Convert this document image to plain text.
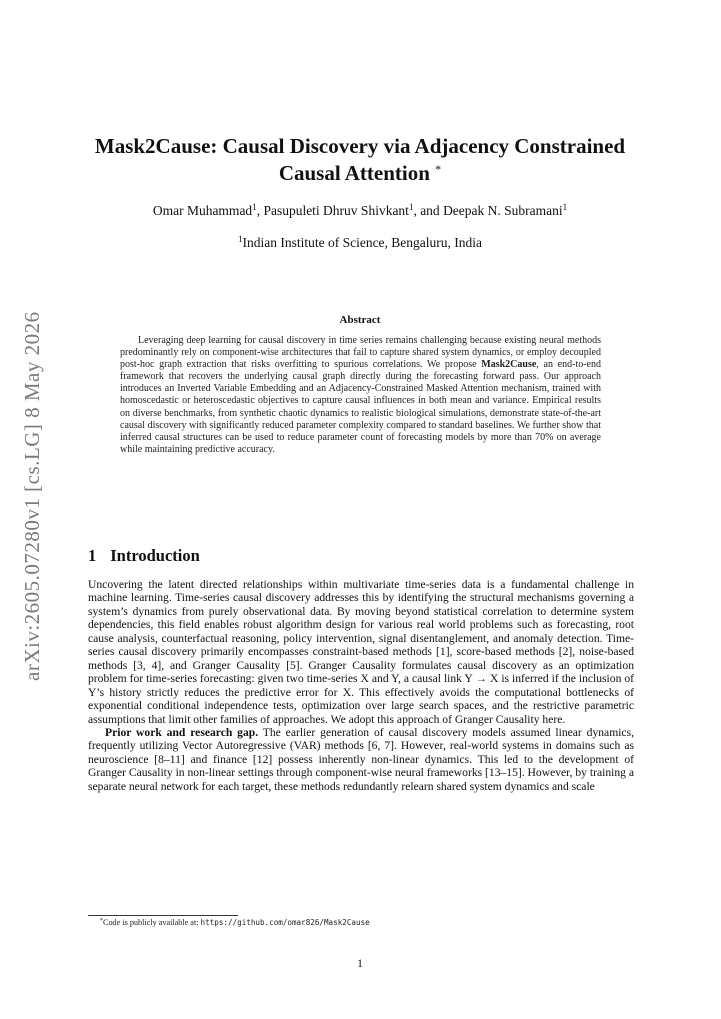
arXiv:2605.07280v1 [cs.LG] 8 May 2026
Mask2Cause: Causal Discovery via Adjacency Constrained Causal Attention *
Omar Muhammad$^1$, Pasupuleti Dhruv Shivkant$^1$, and Deepak N. Subramani$^1$
$^1$Indian Institute of Science, Bengaluru, India
Abstract

Leveraging deep learning for causal discovery in time series remains challenging because existing neural methods predominantly rely on component-wise architectures that fail to capture shared system dynamics, or employ decoupled post-hoc graph extraction that risks overfitting to spurious correlations. We propose Mask2Cause, an end-to-end framework that recovers the underlying causal graph directly during the forecasting forward pass. Our approach introduces an Inverted Variable Embedding and an Adjacency-Constrained Masked Attention mechanism, trained with homoscedastic or heteroscedastic objectives to capture causal influences in both mean and variance. Empirical results on diverse benchmarks, from synthetic chaotic dynamics to realistic biological simulations, demonstrate state-of-the-art causal discovery with significantly reduced parameter complexity compared to standard baselines. We further show that inferred causal structures can be used to reduce parameter count of forecasting models by more than 70% on average while maintaining predictive accuracy.

1 Introduction

Uncovering the latent directed relationships within multivariate time-series data is a fundamental challenge in machine learning. Time-series causal discovery addresses this by identifying the structural mechanisms governing a system’s dynamics from purely observational data. By moving beyond statistical correlation to determine system dependencies, this field enables robust algorithm design for various real world problems such as forecasting, root cause analysis, counterfactual reasoning, policy intervention, signal disentanglement, and anomaly detection. Time-series causal discovery primarily encompasses constraint-based methods [1], score-based methods [2], noise-based methods [3, 4], and Granger Causality [5]. Granger Causality formulates causal discovery as an optimization problem for time-series forecasting: given two time-series X and Y, a causal link Y → X is inferred if the inclusion of Y’s history strictly reduces the predictive error for X. This effectively avoids the computational bottlenecks of exponential conditional independence tests, optimization over large search spaces, and the restrictive parametric assumptions that limit other families of approaches. We adopt this approach of Granger Causality here.

Prior work and research gap. The earlier generation of causal discovery models assumed linear dynamics, frequently utilizing Vector Autoregressive (VAR) methods [6, 7]. However, real-world systems in domains such as neuroscience [8–11] and finance [12] possess inherently non-linear dynamics. This led to the development of Granger Causality in non-linear settings through component-wise neural frameworks [13–15]. However, by training a separate neural network for each target, these methods redundantly relearn shared system dynamics and scale

*Code is publicly available at: https://github.com/omar826/Mask2Cause
1
